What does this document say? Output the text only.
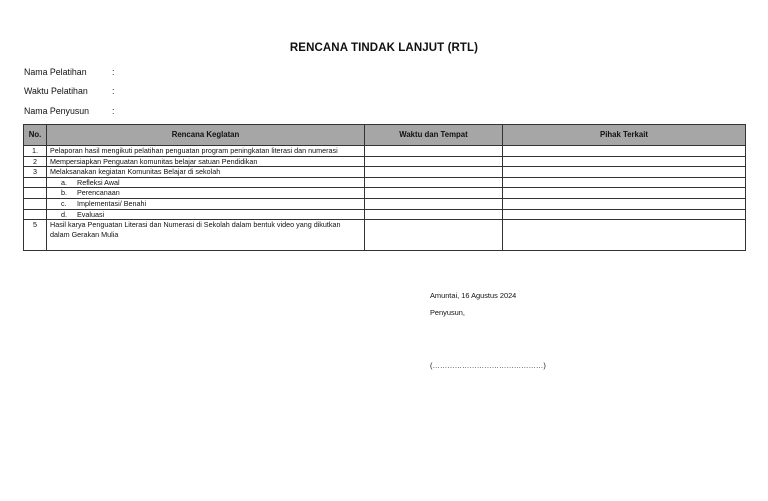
RENCANA TINDAK LANJUT (RTL)
Nama Pelatihan	:
Waktu Pelatihan	:
Nama Penyusun	:
No.	Rencana Keglatan	Waktu dan Tempat	Pihak Terkait
1.	Pelaporan hasil mengikuti pelatihan penguatan program peningkatan literasi dan numerasi		
2	Mempersiapkan Penguatan komunitas belajar satuan Pendidikan		
3	Melaksanakan kegiatan Komunitas Belajar di sekolah		
	a. Refleksi Awal		
	b. Perencanaan		
	c. Implementasi/ Benahi		
	d. Evaluasi		
5	Hasil karya Penguatan Literasi dan Numerasi di Sekolah dalam bentuk video yang dikutkan dalam Gerakan Mulia		
Amuntai, 16 Agustus 2024
Penyusun,
(………………………………………)
